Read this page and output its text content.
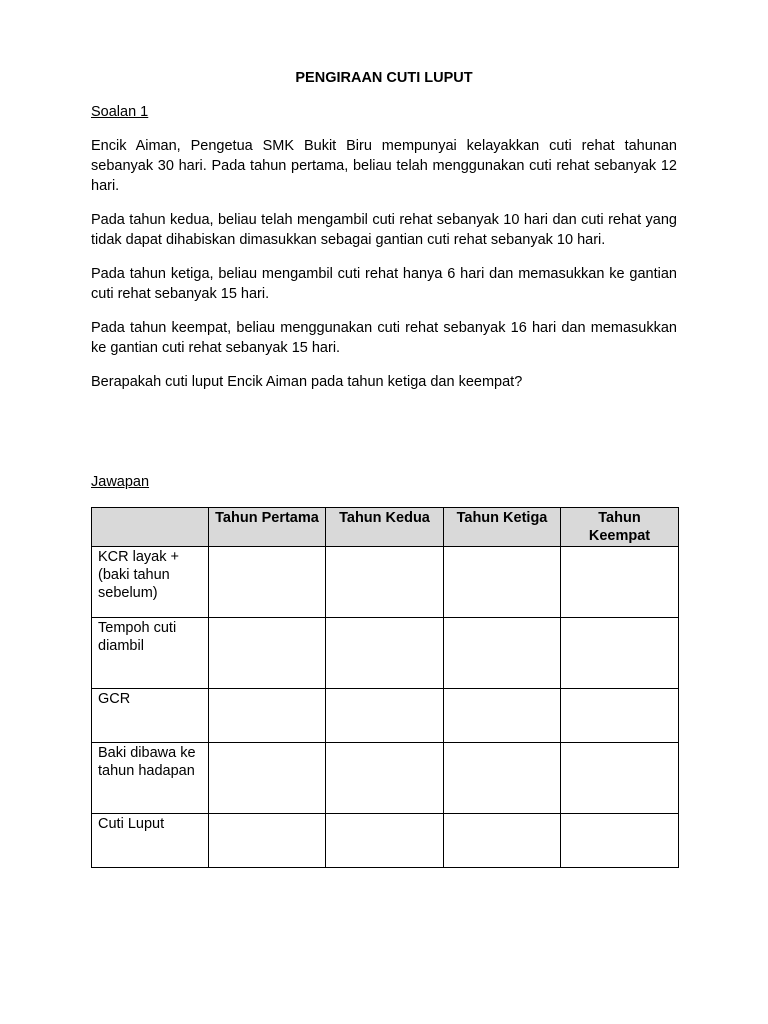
PENGIRAAN CUTI LUPUT

Soalan 1

Encik Aiman, Pengetua SMK Bukit Biru mempunyai kelayakkan cuti rehat tahunan sebanyak 30 hari. Pada tahun pertama, beliau telah menggunakan cuti rehat sebanyak 12 hari.

Pada tahun kedua, beliau telah mengambil cuti rehat sebanyak 10 hari dan cuti rehat yang tidak dapat dihabiskan dimasukkan sebagai gantian cuti rehat sebanyak 10 hari.

Pada tahun ketiga, beliau mengambil cuti rehat hanya 6 hari dan memasukkan ke gantian cuti rehat sebanyak 15 hari.

Pada tahun keempat, beliau menggunakan cuti rehat sebanyak 16 hari dan memasukkan ke gantian cuti rehat sebanyak 15 hari.

Berapakah cuti luput Encik Aiman pada tahun ketiga dan keempat?

Jawapan

	Tahun Pertama	Tahun Kedua	Tahun Ketiga	Tahun Keempat
KCR layak + (baki tahun sebelum)				
Tempoh cuti diambil				
GCR				
Baki dibawa ke tahun hadapan				
Cuti Luput				
